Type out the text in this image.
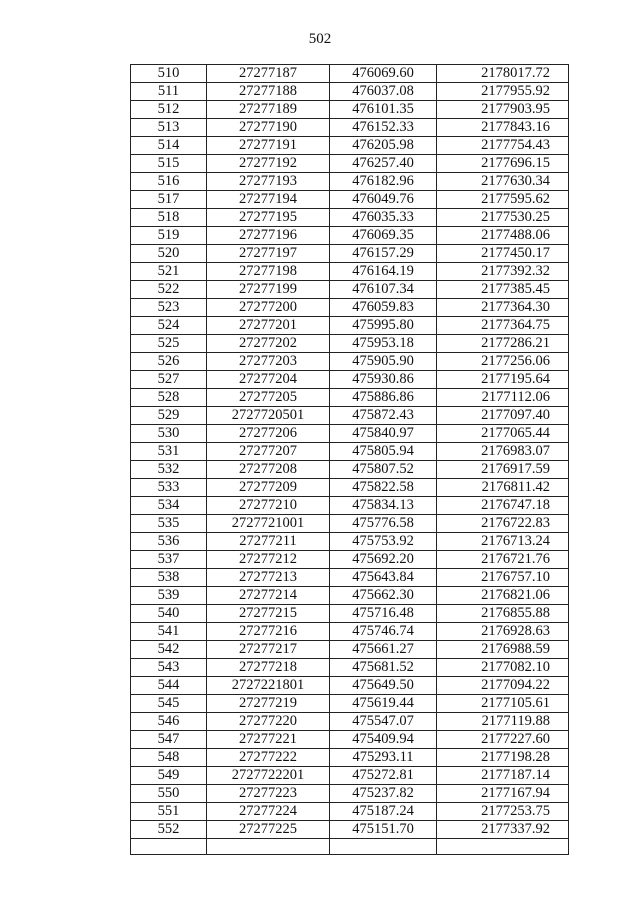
502
510	27277187	476069.60	2178017.72
511	27277188	476037.08	2177955.92
512	27277189	476101.35	2177903.95
513	27277190	476152.33	2177843.16
514	27277191	476205.98	2177754.43
515	27277192	476257.40	2177696.15
516	27277193	476182.96	2177630.34
517	27277194	476049.76	2177595.62
518	27277195	476035.33	2177530.25
519	27277196	476069.35	2177488.06
520	27277197	476157.29	2177450.17
521	27277198	476164.19	2177392.32
522	27277199	476107.34	2177385.45
523	27277200	476059.83	2177364.30
524	27277201	475995.80	2177364.75
525	27277202	475953.18	2177286.21
526	27277203	475905.90	2177256.06
527	27277204	475930.86	2177195.64
528	27277205	475886.86	2177112.06
529	2727720501	475872.43	2177097.40
530	27277206	475840.97	2177065.44
531	27277207	475805.94	2176983.07
532	27277208	475807.52	2176917.59
533	27277209	475822.58	2176811.42
534	27277210	475834.13	2176747.18
535	2727721001	475776.58	2176722.83
536	27277211	475753.92	2176713.24
537	27277212	475692.20	2176721.76
538	27277213	475643.84	2176757.10
539	27277214	475662.30	2176821.06
540	27277215	475716.48	2176855.88
541	27277216	475746.74	2176928.63
542	27277217	475661.27	2176988.59
543	27277218	475681.52	2177082.10
544	2727221801	475649.50	2177094.22
545	27277219	475619.44	2177105.61
546	27277220	475547.07	2177119.88
547	27277221	475409.94	2177227.60
548	27277222	475293.11	2177198.28
549	2727722201	475272.81	2177187.14
550	27277223	475237.82	2177167.94
551	27277224	475187.24	2177253.75
552	27277225	475151.70	2177337.92
